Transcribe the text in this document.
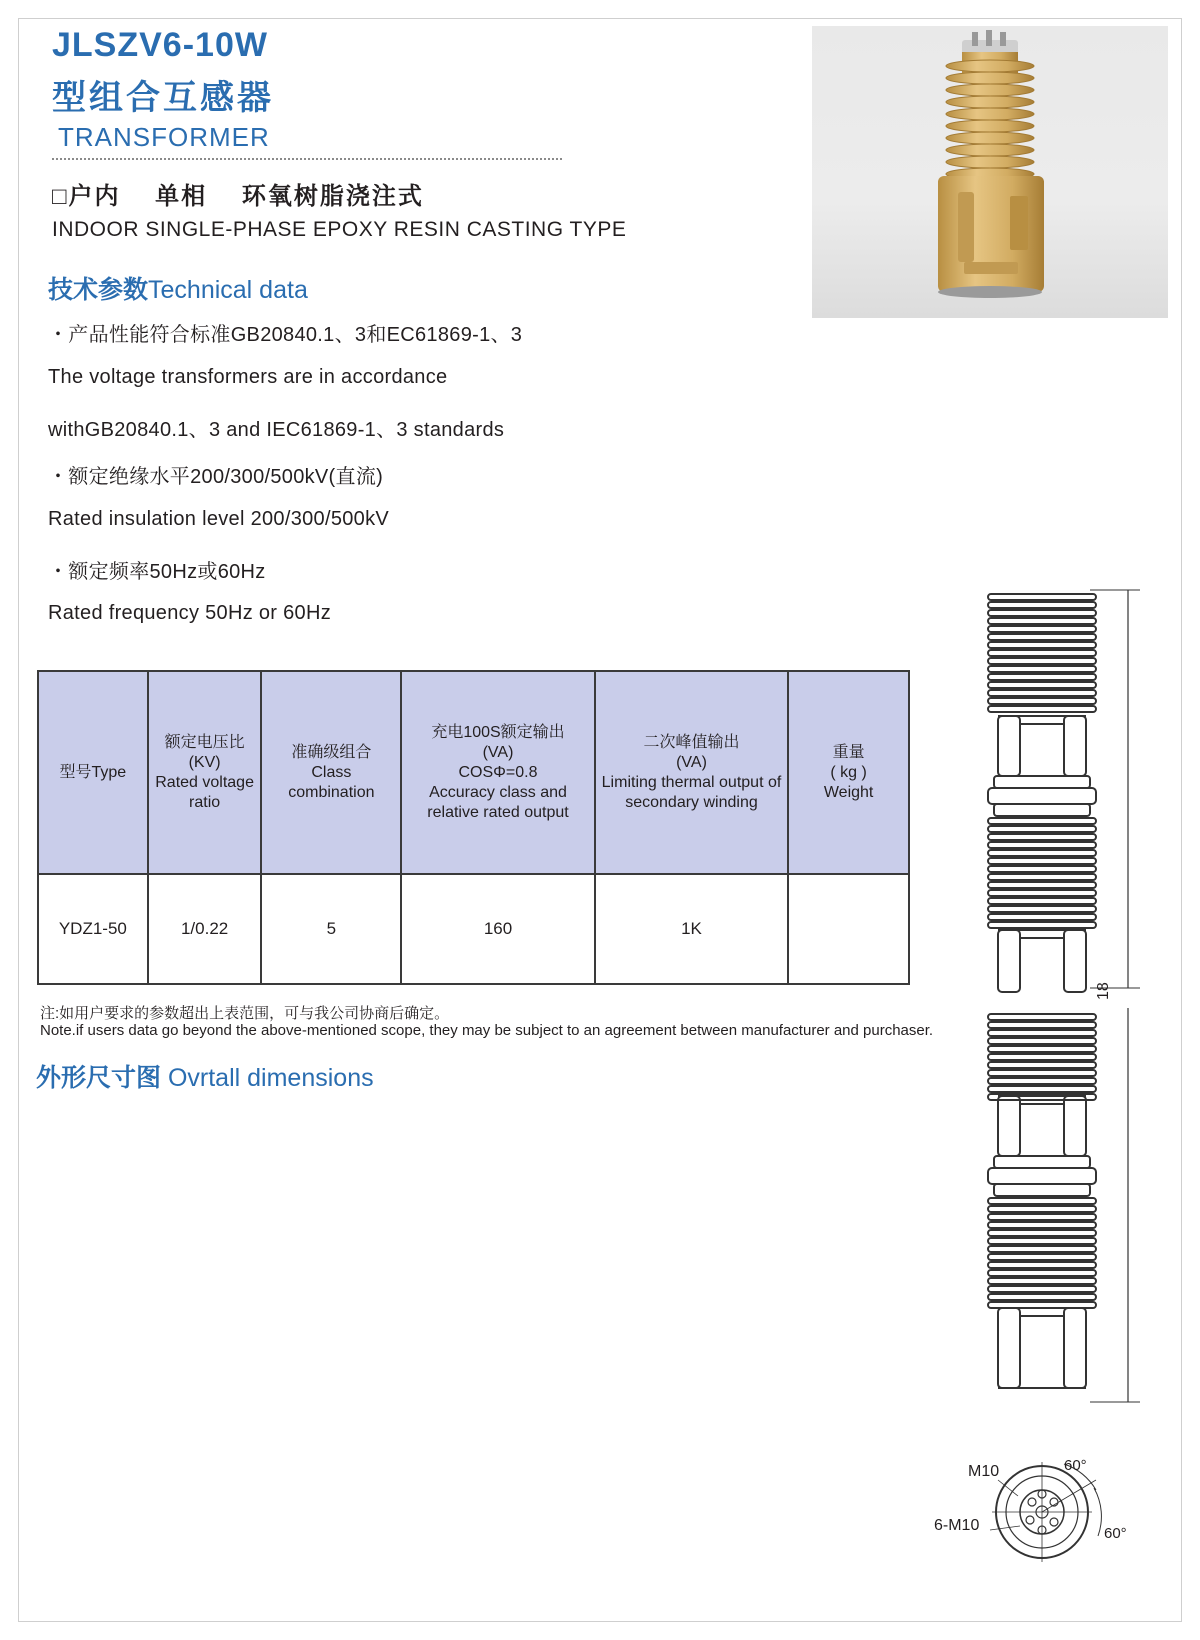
JLSZV6-10W
型组合互感器
TRANSFORMER
□户内    单相    环氧树脂浇注式
INDOOR SINGLE-PHASE EPOXY RESIN CASTING TYPE
技术参数Technical data
・产品性能符合标准GB20840.1、3和EC61869-1、3
The voltage transformers are in accordance
withGB20840.1、3 and IEC61869-1、3 standards
・额定绝缘水平200/300/500kV(直流)
Rated insulation level 200/300/500kV
・额定频率50Hz或60Hz
Rated frequency 50Hz or 60Hz
型号Type	额定电压比
(KV)
Rated voltage
ratio	准确级组合
Class
combination	充电100S额定输出
(VA)
COSΦ=0.8
Accuracy class and
relative rated output	二次峰值输出
(VA)
Limiting thermal output of
secondary winding	重量
( kg )
Weight

YDZ1-50	1/0.22	5	160	1K	
注:如用户要求的参数超出上表范围，可与我公司协商后确定。
Note.if users data go beyond the above-mentioned scope, they may be subject to an agreement between manufacturer and purchaser.
外形尺寸图 Ovrtall dimensions
18
M10
6-M10
60°
60°
